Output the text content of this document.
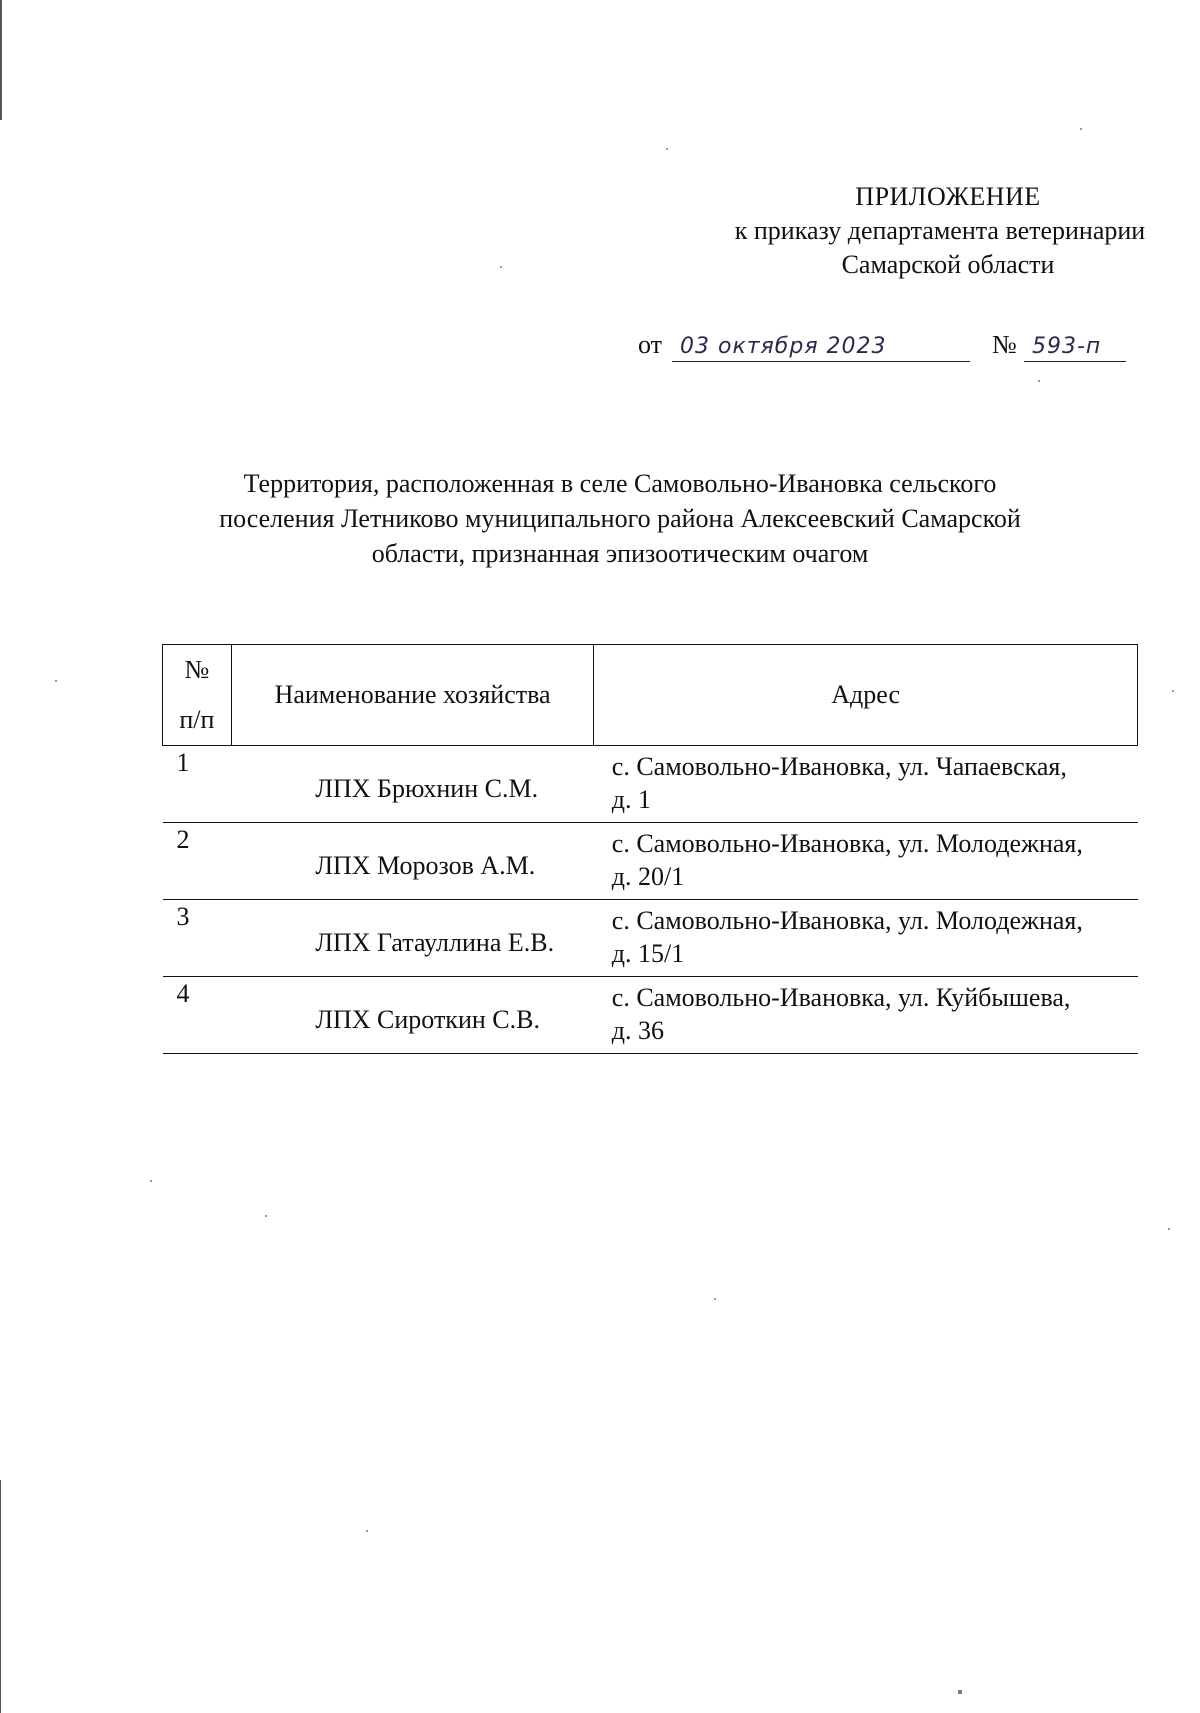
ПРИЛОЖЕНИЕ
к приказу департамента ветеринарии
Самарской области
от 03 октября 2023	№ 593-п
Территория, расположенная в селе Самовольно-Ивановка сельского
поселения Летниково муниципального района Алексеевский Самарской
области, признанная эпизоотическим очагом
№
п/п	Наименование хозяйства	Адрес
1	ЛПХ Брюхнин С.М.	с. Самовольно-Ивановка, ул. Чапаевская,
д. 1

2	ЛПХ Морозов А.М.	с. Самовольно-Ивановка, ул. Молодежная,
д. 20/1

3	ЛПХ Гатауллина Е.В.	с. Самовольно-Ивановка, ул. Молодежная,
д. 15/1

4	ЛПХ Сироткин С.В.	с. Самовольно-Ивановка, ул. Куйбышева,
д. 36
